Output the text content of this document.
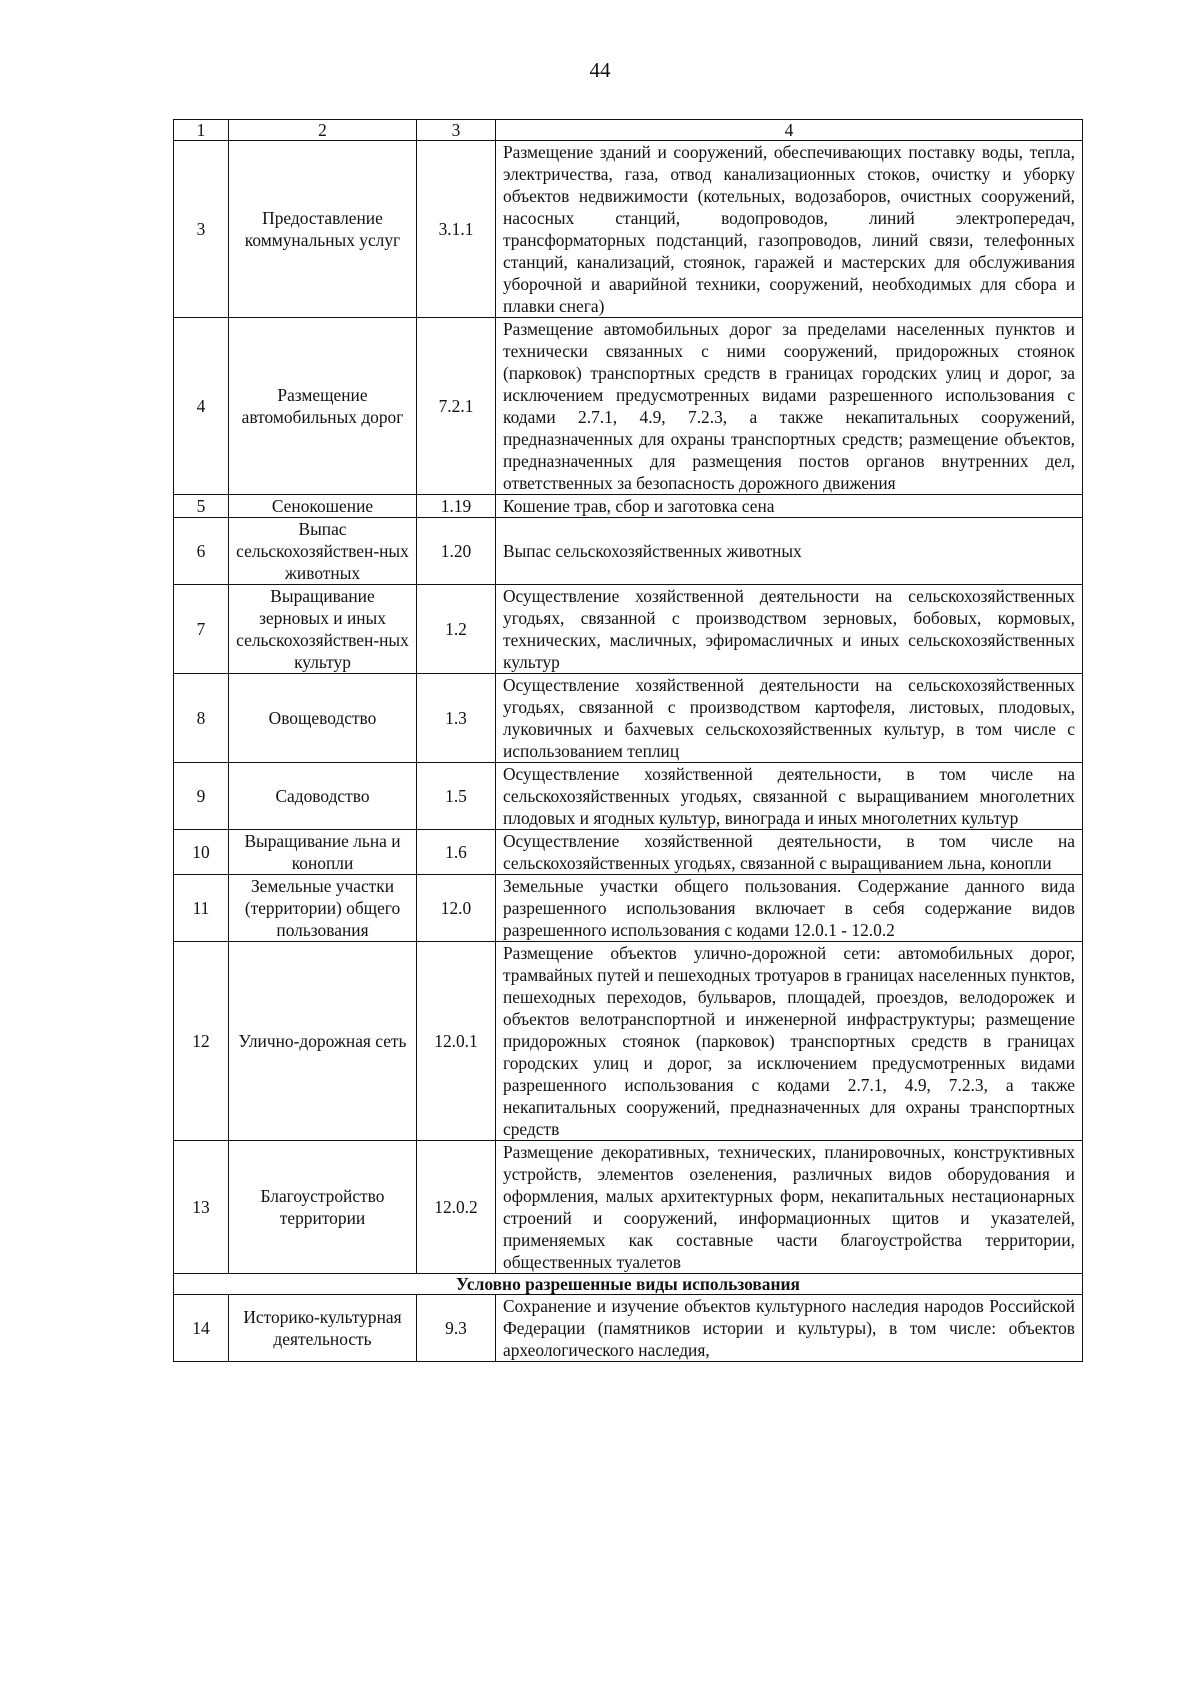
44
1	2	3	4
3	Предоставление коммунальных услуг	3.1.1	Размещение зданий и сооружений, обеспечивающих поставку воды, тепла, электричества, газа, отвод канализационных стоков, очистку и уборку объектов недвижимости (котельных, водозаборов, очистных сооружений, насосных станций, водопроводов, линий электропередач, трансформаторных подстанций, газопроводов, линий связи, телефонных станций, канализаций, стоянок, гаражей и мастерских для обслуживания уборочной и аварийной техники, сооружений, необходимых для сбора и плавки снега)
4	Размещение автомобильных дорог	7.2.1	Размещение автомобильных дорог за пределами населенных пунктов и технически связанных с ними сооружений, придорожных стоянок (парковок) транспортных средств в границах городских улиц и дорог, за исключением предусмотренных видами разрешенного использования с кодами 2.7.1, 4.9, 7.2.3, а также некапитальных сооружений, предназначенных для охраны транспортных средств; размещение объектов, предназначенных для размещения постов органов внутренних дел, ответственных за безопасность дорожного движения
5	Сенокошение	1.19	Кошение трав, сбор и заготовка сена
6	Выпас сельскохозяйствен-ных животных	1.20	Выпас сельскохозяйственных животных
7	Выращивание зерновых и иных сельскохозяйствен-ных культур	1.2	Осуществление хозяйственной деятельности на сельскохозяйственных угодьях, связанной с производством зерновых, бобовых, кормовых, технических, масличных, эфиромасличных и иных сельскохозяйственных культур
8	Овощеводство	1.3	Осуществление хозяйственной деятельности на сельскохозяйственных угодьях, связанной с производством картофеля, листовых, плодовых, луковичных и бахчевых сельскохозяйственных культур, в том числе с использованием теплиц
9	Садоводство	1.5	Осуществление хозяйственной деятельности, в том числе на сельскохозяйственных угодьях, связанной с выращиванием многолетних плодовых и ягодных культур, винограда и иных многолетних культур
10	Выращивание льна и конопли	1.6	Осуществление хозяйственной деятельности, в том числе на сельскохозяйственных угодьях, связанной с выращиванием льна, конопли
11	Земельные участки (территории) общего пользования	12.0	Земельные участки общего пользования. Содержание данного вида разрешенного использования включает в себя содержание видов разрешенного использования с кодами 12.0.1 - 12.0.2
12	Улично-дорожная сеть	12.0.1	Размещение объектов улично-дорожной сети: автомобильных дорог, трамвайных путей и пешеходных тротуаров в границах населенных пунктов, пешеходных переходов, бульваров, площадей, проездов, велодорожек и объектов велотранспортной и инженерной инфраструктуры; размещение придорожных стоянок (парковок) транспортных средств в границах городских улиц и дорог, за исключением предусмотренных видами разрешенного использования с кодами 2.7.1, 4.9, 7.2.3, а также некапитальных сооружений, предназначенных для охраны транспортных средств
13	Благоустройство территории	12.0.2	Размещение декоративных, технических, планировочных, конструктивных устройств, элементов озеленения, различных видов оборудования и оформления, малых архитектурных форм, некапитальных нестационарных строений и сооружений, информационных щитов и указателей, применяемых как составные части благоустройства территории, общественных туалетов
Условно разрешенные виды использования			
14	Историко-культурная деятельность	9.3	Сохранение и изучение объектов культурного наследия народов Российской Федерации (памятников истории и культуры), в том числе: объектов археологического наследия,
